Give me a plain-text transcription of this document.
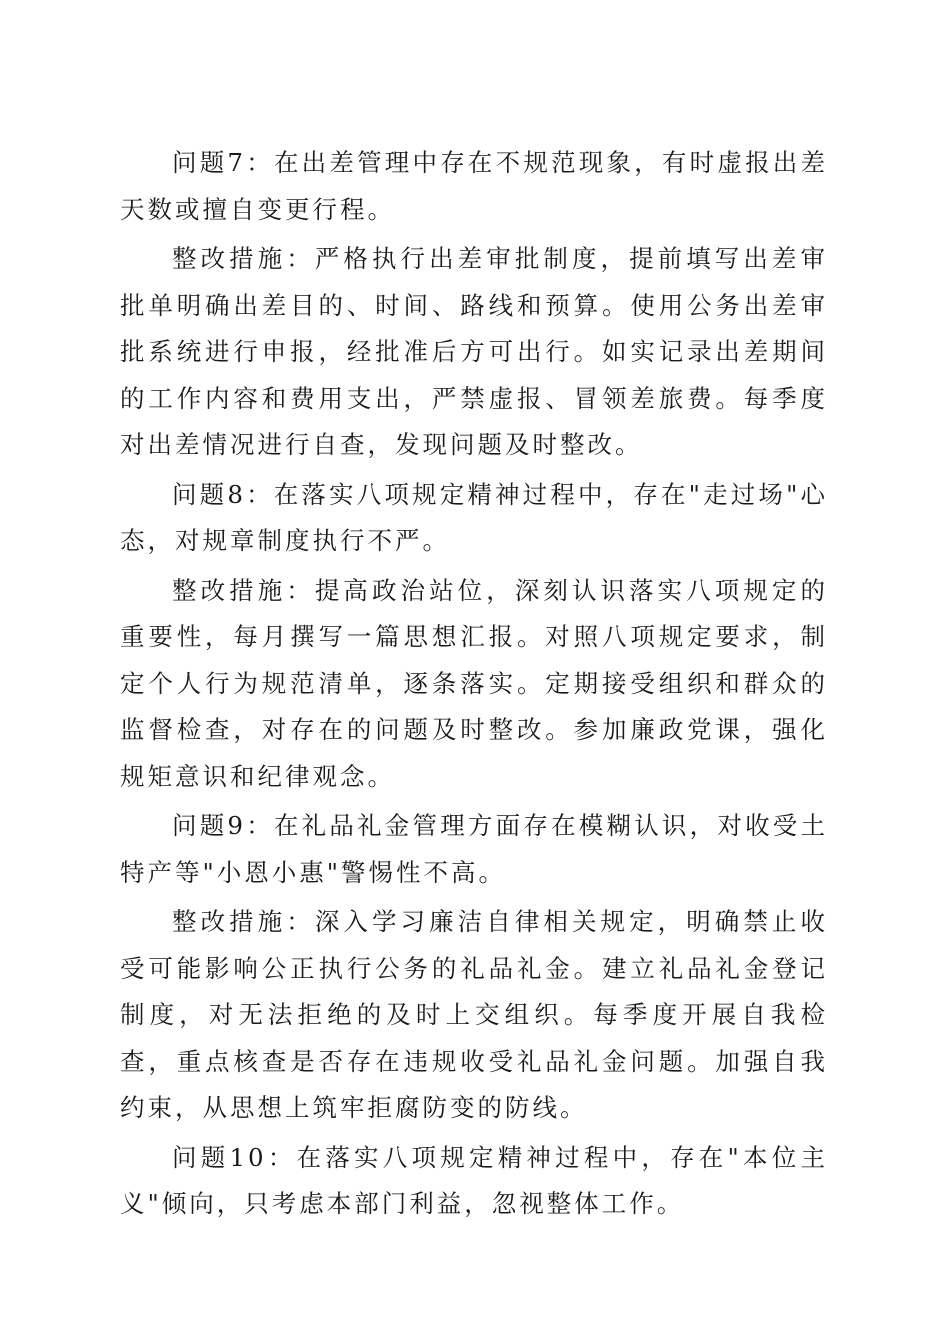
问题7：在出差管理中存在不规范现象，有时虚报出差天数或擅自变更行程。

整改措施：严格执行出差审批制度，提前填写出差审批单明确出差目的、时间、路线和预算。使用公务出差审批系统进行申报，经批准后方可出行。如实记录出差期间的工作内容和费用支出，严禁虚报、冒领差旅费。每季度对出差情况进行自查，发现问题及时整改。

问题8：在落实八项规定精神过程中，存在"走过场"心态，对规章制度执行不严。

整改措施：提高政治站位，深刻认识落实八项规定的重要性，每月撰写一篇思想汇报。对照八项规定要求，制定个人行为规范清单，逐条落实。定期接受组织和群众的监督检查，对存在的问题及时整改。参加廉政党课，强化规矩意识和纪律观念。

问题9：在礼品礼金管理方面存在模糊认识，对收受土特产等"小恩小惠"警惕性不高。

整改措施：深入学习廉洁自律相关规定，明确禁止收受可能影响公正执行公务的礼品礼金。建立礼品礼金登记制度，对无法拒绝的及时上交组织。每季度开展自我检查，重点核查是否存在违规收受礼品礼金问题。加强自我约束，从思想上筑牢拒腐防变的防线。

问题10：在落实八项规定精神过程中，存在"本位主义"倾向，只考虑本部门利益，忽视整体工作。
